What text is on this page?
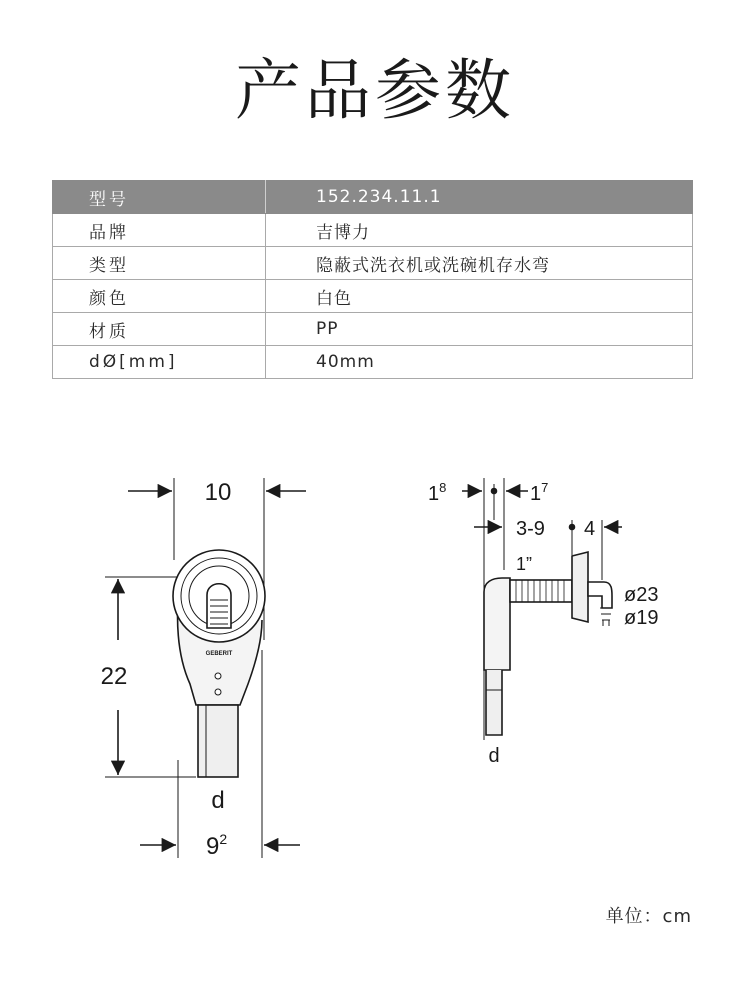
产品参数
型号	152.234.11.1
品牌	吉博力
类型	隐蔽式洗衣机或洗碗机存水弯
颜色	白色
材质	PP
dØ[mm]	40mm
10
22
d
$9^2$
GEBERIT
$1^8$	$1^7$
3-9 4
1”
ø23
ø19
d
单位：cm
